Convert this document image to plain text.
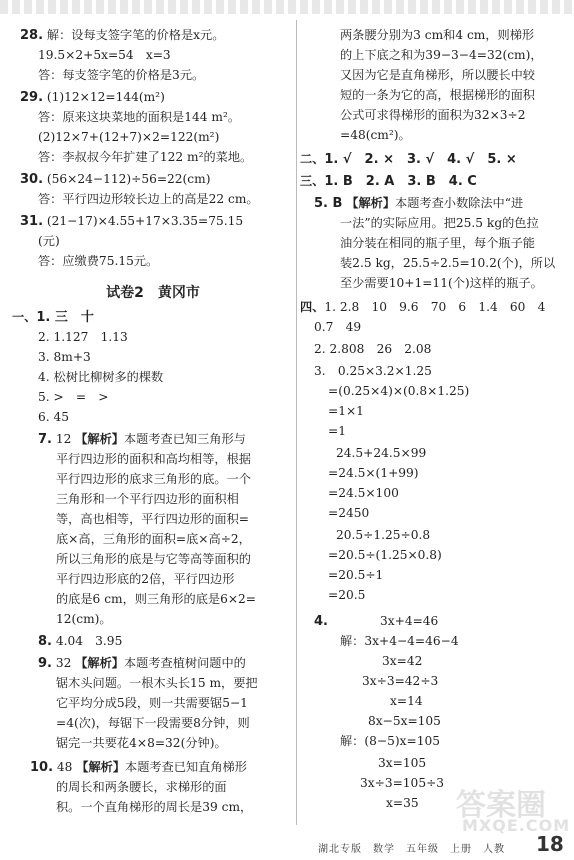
28. 解：设每支签字笔的价格是x元。
19.5×2+5x=54　x=3
答：每支签字笔的价格是3元。
29. (1)12×12=144(m²)
答：原来这块菜地的面积是144 m²。
(2)12×7+(12+7)×2=122(m²)
答：李叔叔今年扩建了122 m²的菜地。
30. (56×24−112)÷56=22(cm)
答：平行四边形较长边上的高是22 cm。
31. (21−17)×4.55+17×3.35=75.15
(元)
答：应缴费75.15元。
试卷2　黄冈市
一、1. 三　十
2. 1.127　1.13
3. 8m+3
4. 松树比柳树多的棵数
5. >　=　>
6. 45
7. 12 【解析】本题考查已知三角形与
平行四边形的面积和高均相等，根据
平行四边形的底求三角形的底。一个
三角形和一个平行四边形的面积相
等，高也相等，平行四边形的面积=
底×高，三角形的面积=底×高÷2，
所以三角形的底是与它等高等面积的
平行四边形底的2倍，平行四边形
的底是6 cm，则三角形的底是6×2=
12(cm)。
8. 4.04　3.95
9. 32 【解析】本题考查植树问题中的
锯木头问题。一根木头长15 m，要把
它平均分成5段，则一共需要锯5−1
=4(次)，每锯下一段需要8分钟，则
锯完一共要花4×8=32(分钟)。
10. 48 【解析】本题考查已知直角梯形
的周长和两条腰长，求梯形的面
积。一个直角梯形的周长是39 cm，
两条腰分别为3 cm和4 cm，则梯形
的上下底之和为39−3−4=32(cm)，
又因为它是直角梯形，所以腰长中较
短的一条为它的高，根据梯形的面积
公式可求得梯形的面积为32×3÷2
=48(cm²)。
二、1. √　2. ×　3. √　4. √　5. ×
三、1. B　2. A　3. B　4. C
5. B 【解析】本题考查小数除法中“进
一法”的实际应用。把25.5 kg的色拉
油分装在相同的瓶子里，每个瓶子能
装2.5 kg，25.5÷2.5=10.2(个)，所以
至少需要10+1=11(个)这样的瓶子。
四、1. 2.8　10　9.6　70　6　1.4　60　4
0.7　49
2. 2.808　26　2.08
3.　0.25×3.2×1.25
=(0.25×4)×(0.8×1.25)
=1×1
=1
24.5+24.5×99
=24.5×(1+99)
=24.5×100
=2450
20.5÷1.25÷0.8
=20.5÷(1.25×0.8)
=20.5÷1
=20.5
4.	3x+4=46
解：3x+4−4=46−4
3x=42
3x÷3=42÷3
x=14
8x−5x=105
解：(8−5)x=105
3x=105
3x÷3=105÷3
x=35 答案圈
MXQE.COM
湖北专版　数学　五年级　上册　人教 18
